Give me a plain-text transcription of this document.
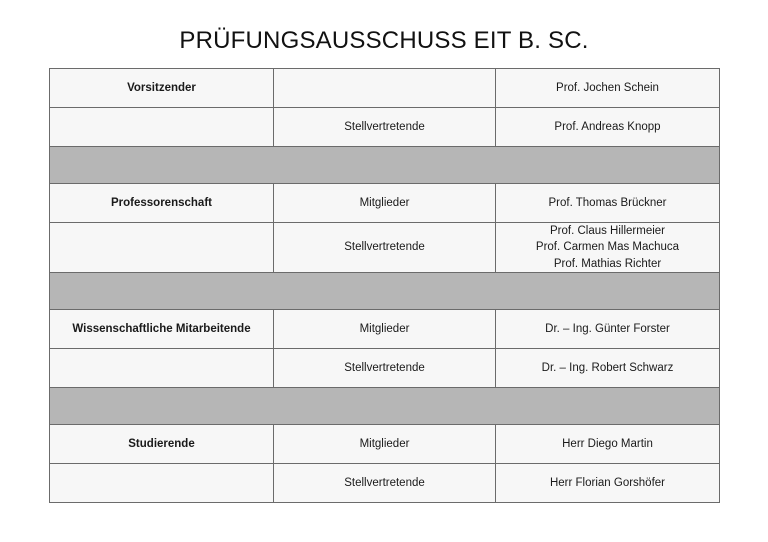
PRÜFUNGSAUSSCHUSS EIT B. SC.
Vorsitzender		Prof. Jochen Schein

	Stellvertretende	Prof. Andreas Knopp

Professorenschaft	Mitglieder	Prof. Thomas Brückner

	Stellvertretende	Prof. Claus Hillermeier
Prof. Carmen Mas Machuca
Prof. Mathias Richter

Wissenschaftliche Mitarbeitende	Mitglieder	Dr. – Ing. Günter Forster

	Stellvertretende	Dr. – Ing. Robert Schwarz

Studierende	Mitglieder	Herr Diego Martin

	Stellvertretende	Herr Florian Gorshöfer
